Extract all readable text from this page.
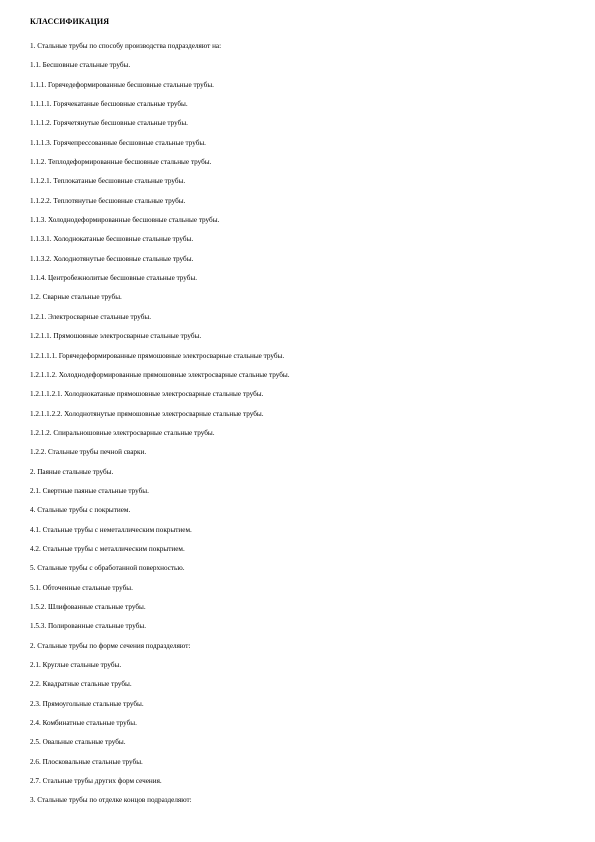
КЛАССИФИКАЦИЯ
1. Стальные трубы по способу производства подразделяют на:
1.1. Бесшовные стальные трубы.
1.1.1. Горячедеформированные бесшовные стальные трубы.
1.1.1.1. Горячекатаные бесшовные стальные трубы.
1.1.1.2. Горячетянутые бесшовные стальные трубы.
1.1.1.3. Горячепрессованные бесшовные стальные трубы.
1.1.2. Теплодеформированные бесшовные стальные трубы.
1.1.2.1. Теплокатаные бесшовные стальные трубы.
1.1.2.2. Теплотянутые бесшовные стальные трубы.
1.1.3. Холоднодеформированные бесшовные стальные трубы.
1.1.3.1. Холоднокатаные бесшовные стальные трубы.
1.1.3.2. Холоднотянутые бесшовные стальные трубы.
1.1.4. Центробежнолитые бесшовные стальные трубы.
1.2. Сварные стальные трубы.
1.2.1. Электросварные стальные трубы.
1.2.1.1. Прямошовные электросварные стальные трубы.
1.2.1.1.1. Горячедеформированные прямошовные электросварные стальные трубы.
1.2.1.1.2. Холоднодеформированные прямошовные электросварные стальные трубы.
1.2.1.1.2.1. Холоднокатаные прямошовные электросварные стальные трубы.
1.2.1.1.2.2. Холоднотянутые прямошовные электросварные стальные трубы.
1.2.1.2. Спиральношовные электросварные стальные трубы.
1.2.2. Стальные трубы печной сварки.
2. Паяные стальные трубы.
2.1. Свертные паяные стальные трубы.
4. Стальные трубы с покрытием.
4.1. Стальные трубы с неметаллическим покрытием.
4.2. Стальные трубы с металлическим покрытием.
5. Стальные трубы с обработанной поверхностью.
5.1. Обточенные стальные трубы.
1.5.2. Шлифованные стальные трубы.
1.5.3. Полированные стальные трубы.
2. Стальные трубы по форме сечения подразделяют:
2.1. Круглые стальные трубы.
2.2. Квадратные стальные трубы.
2.3. Прямоугольные стальные трубы.
2.4. Комбинатные стальные трубы.
2.5. Овальные стальные трубы.
2.6. Плосковальные стальные трубы.
2.7. Стальные трубы других форм сечения.
3. Стальные трубы по отделке концов подразделяют:
